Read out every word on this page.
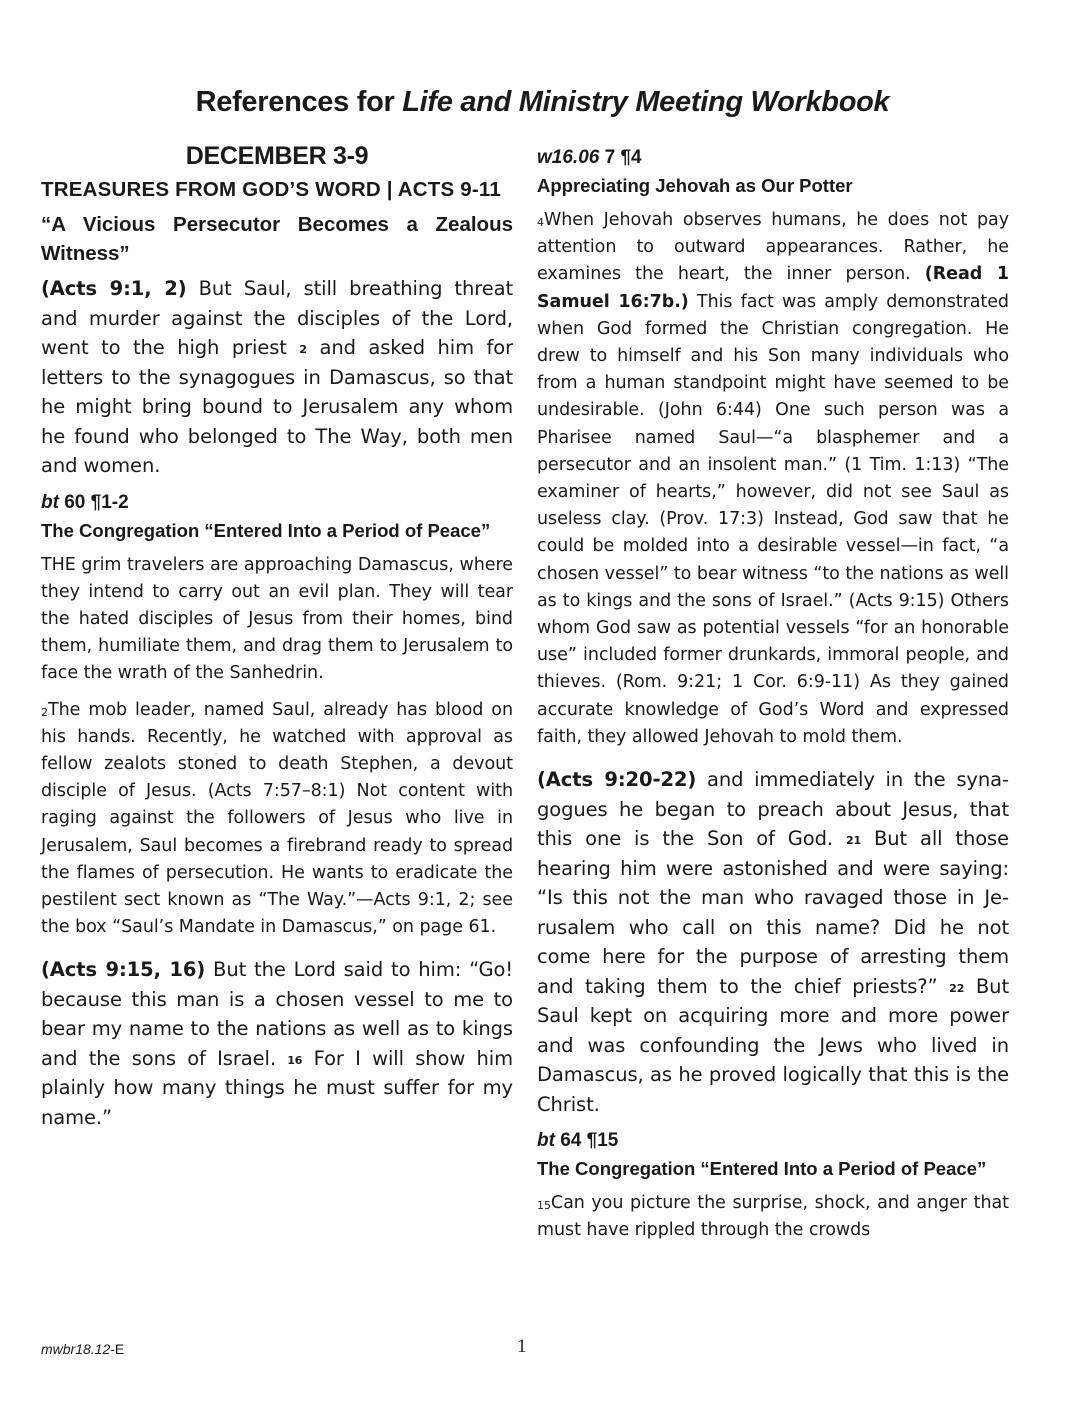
References for Life and Ministry Meeting Workbook
DECEMBER 3-9
TREASURES FROM GOD’S WORD | ACTS 9-11
“A Vicious Persecutor Becomes a Zealous Witness”

(Acts 9:1, 2) But Saul, still breathing threat and murder against the disciples of the Lord, went to the high priest $^2$ and asked him for letters to the synagogues in Damascus, so that he might bring bound to Jerusalem any whom he found who belonged to The Way, both men and women.

bt 60 ¶1-2
The Congregation “Entered Into a Period of Peace”

THE grim travelers are approaching Damascus, where they intend to carry out an evil plan. They will tear the hated disciples of Jesus from their homes, bind them, humiliate them, and drag them to Jerusalem to face the wrath of the Sanhedrin.

$^2$The mob leader, named Saul, already has blood on his hands. Recently, he watched with approval as fellow zealots stoned to death Stephen, a devout disciple of Jesus. (Acts 7:57–8:1) Not content with raging against the followers of Jesus who live in Jerusalem, Saul becomes a firebrand ready to spread the flames of persecution. He wants to eradicate the pestilent sect known as “The Way.”—Acts 9:1, 2; see the box “Saul’s Mandate in Damascus,” on page 61.

(Acts 9:15, 16) But the Lord said to him: “Go! because this man is a chosen vessel to me to bear my name to the nations as well as to kings and the sons of Israel. $^{16}$ For I will show him plainly how many things he must suffer for my name.”

w16.06 7 ¶4
Appreciating Jehovah as Our Potter

$^4$When Jehovah observes humans, he does not pay attention to outward appearances. Rather, he examines the heart, the inner person. (Read 1 Samuel 16:7b.) This fact was amply demonstrated when God formed the Christian congregation. He drew to himself and his Son many individuals who from a human standpoint might have seemed to be undesirable. (John 6:44) One such person was a Pharisee named Saul—“a blasphemer and a persecutor and an insolent man.” (1 Tim. 1:13) “The examiner of hearts,” however, did not see Saul as useless clay. (Prov. 17:3) Instead, God saw that he could be molded into a desirable vessel—in fact, “a chosen vessel” to bear witness “to the nations as well as to kings and the sons of Israel.” (Acts 9:15) Others whom God saw as potential vessels “for an honorable use” included former drunkards, immoral people, and thieves. (Rom. 9:21; 1 Cor. 6:9-11) As they gained accurate knowledge of God’s Word and expressed faith, they allowed Jehovah to mold them.

(Acts 9:20-22) and immediately in the synagogues he began to preach about Jesus, that this one is the Son of God. $^{21}$ But all those hearing him were astonished and were saying: “Is this not the man who ravaged those in Jerusalem who call on this name? Did he not come here for the purpose of arresting them and taking them to the chief priests?” $^{22}$ But Saul kept on acquiring more and more power and was confounding the Jews who lived in Damascus, as he proved logically that this is the Christ.

bt 64 ¶15
The Congregation “Entered Into a Period of Peace”

$^{15}$Can you picture the surprise, shock, and anger that must have rippled through the crowds

mwbr18.12-E	1
